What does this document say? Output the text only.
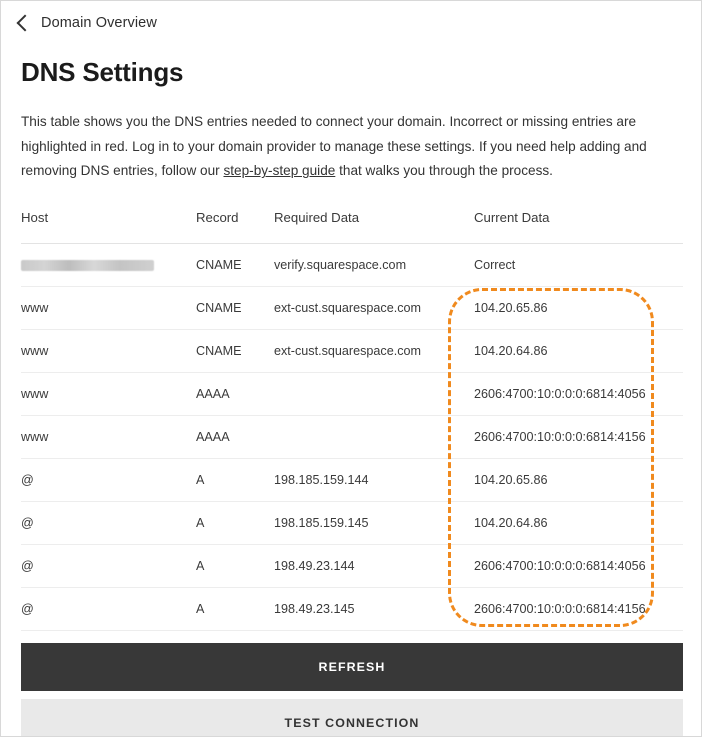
Domain Overview
DNS Settings

This table shows you the DNS entries needed to connect your domain. Incorrect or missing entries are highlighted in red. Log in to your domain provider to manage these settings. If you need help adding and removing DNS entries, follow our step-by-step guide that walks you through the process.

Host	Record	Required Data	Current Data
	CNAME	verify.squarespace.com	Correct
www	CNAME	ext-cust.squarespace.com	104.20.65.86
www	CNAME	ext-cust.squarespace.com	104.20.64.86
www	AAAA		2606:4700:10:0:0:0:6814:4056
www	AAAA		2606:4700:10:0:0:0:6814:4156
@	A	198.185.159.144	104.20.65.86
@	A	198.185.159.145	104.20.64.86
@	A	198.49.23.144	2606:4700:10:0:0:0:6814:4056
@	A	198.49.23.145	2606:4700:10:0:0:0:6814:4156
REFRESH
TEST CONNECTION
